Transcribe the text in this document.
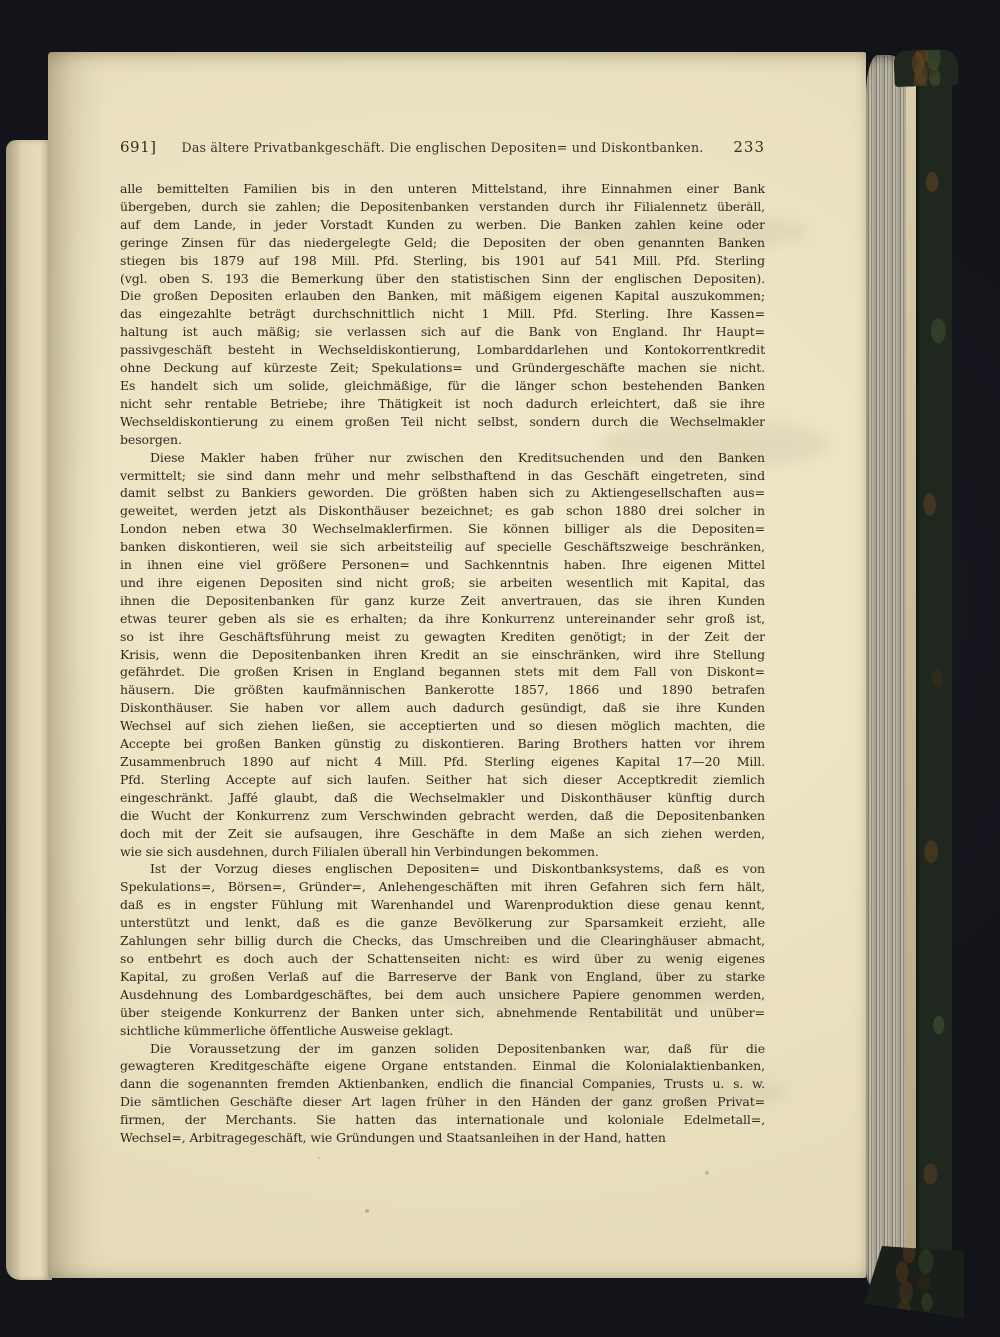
691] Das ältere Privatbankgeschäft. Die englischen Depositen= und Diskontbanken. 233
alle bemittelten Familien bis in den unteren Mittelstand, ihre Einnahmen einer Bank
übergeben, durch sie zahlen; die Depositenbanken verstanden durch ihr Filialennetz überall,
auf dem Lande, in jeder Vorstadt Kunden zu werben. Die Banken zahlen keine oder
geringe Zinsen für das niedergelegte Geld; die Depositen der oben genannten Banken
stiegen bis 1879 auf 198 Mill. Pfd. Sterling, bis 1901 auf 541 Mill. Pfd. Sterling
(vgl. oben S. 193 die Bemerkung über den statistischen Sinn der englischen Depositen).
Die großen Depositen erlauben den Banken, mit mäßigem eigenen Kapital auszukommen;
das eingezahlte beträgt durchschnittlich nicht 1 Mill. Pfd. Sterling. Ihre Kassen=
haltung ist auch mäßig; sie verlassen sich auf die Bank von England. Ihr Haupt=
passivgeschäft besteht in Wechseldiskontierung, Lombarddarlehen und Kontokorrentkredit
ohne Deckung auf kürzeste Zeit; Spekulations= und Gründergeschäfte machen sie nicht.
Es handelt sich um solide, gleichmäßige, für die länger schon bestehenden Banken
nicht sehr rentable Betriebe; ihre Thätigkeit ist noch dadurch erleichtert, daß sie ihre
Wechseldiskontierung zu einem großen Teil nicht selbst, sondern durch die Wechselmakler
besorgen.
Diese Makler haben früher nur zwischen den Kreditsuchenden und den Banken
vermittelt; sie sind dann mehr und mehr selbsthaftend in das Geschäft eingetreten, sind
damit selbst zu Bankiers geworden. Die größten haben sich zu Aktiengesellschaften aus=
geweitet, werden jetzt als Diskonthäuser bezeichnet; es gab schon 1880 drei solcher in
London neben etwa 30 Wechselmaklerfirmen. Sie können billiger als die Depositen=
banken diskontieren, weil sie sich arbeitsteilig auf specielle Geschäftszweige beschränken,
in ihnen eine viel größere Personen= und Sachkenntnis haben. Ihre eigenen Mittel
und ihre eigenen Depositen sind nicht groß; sie arbeiten wesentlich mit Kapital, das
ihnen die Depositenbanken für ganz kurze Zeit anvertrauen, das sie ihren Kunden
etwas teurer geben als sie es erhalten; da ihre Konkurrenz untereinander sehr groß ist,
so ist ihre Geschäftsführung meist zu gewagten Krediten genötigt; in der Zeit der
Krisis, wenn die Depositenbanken ihren Kredit an sie einschränken, wird ihre Stellung
gefährdet. Die großen Krisen in England begannen stets mit dem Fall von Diskont=
häusern. Die größten kaufmännischen Bankerotte 1857, 1866 und 1890 betrafen
Diskonthäuser. Sie haben vor allem auch dadurch gesündigt, daß sie ihre Kunden
Wechsel auf sich ziehen ließen, sie acceptierten und so diesen möglich machten, die
Accepte bei großen Banken günstig zu diskontieren. Baring Brothers hatten vor ihrem
Zusammenbruch 1890 auf nicht 4 Mill. Pfd. Sterling eigenes Kapital 17—20 Mill.
Pfd. Sterling Accepte auf sich laufen. Seither hat sich dieser Acceptkredit ziemlich
eingeschränkt. Jaffé glaubt, daß die Wechselmakler und Diskonthäuser künftig durch
die Wucht der Konkurrenz zum Verschwinden gebracht werden, daß die Depositenbanken
doch mit der Zeit sie aufsaugen, ihre Geschäfte in dem Maße an sich ziehen werden,
wie sie sich ausdehnen, durch Filialen überall hin Verbindungen bekommen.
Ist der Vorzug dieses englischen Depositen= und Diskontbanksystems, daß es von
Spekulations=, Börsen=, Gründer=, Anlehengeschäften mit ihren Gefahren sich fern hält,
daß es in engster Fühlung mit Warenhandel und Warenproduktion diese genau kennt,
unterstützt und lenkt, daß es die ganze Bevölkerung zur Sparsamkeit erzieht, alle
Zahlungen sehr billig durch die Checks, das Umschreiben und die Clearinghäuser abmacht,
so entbehrt es doch auch der Schattenseiten nicht: es wird über zu wenig eigenes
Kapital, zu großen Verlaß auf die Barreserve der Bank von England, über zu starke
Ausdehnung des Lombardgeschäftes, bei dem auch unsichere Papiere genommen werden,
über steigende Konkurrenz der Banken unter sich, abnehmende Rentabilität und unüber=
sichtliche kümmerliche öffentliche Ausweise geklagt.
Die Voraussetzung der im ganzen soliden Depositenbanken war, daß für die
gewagteren Kreditgeschäfte eigene Organe entstanden. Einmal die Kolonialaktienbanken,
dann die sogenannten fremden Aktienbanken, endlich die financial Companies, Trusts u. s. w.
Die sämtlichen Geschäfte dieser Art lagen früher in den Händen der ganz großen Privat=
firmen, der Merchants. Sie hatten das internationale und koloniale Edelmetall=,
Wechsel=, Arbitragegeschäft, wie Gründungen und Staatsanleihen in der Hand, hatten
